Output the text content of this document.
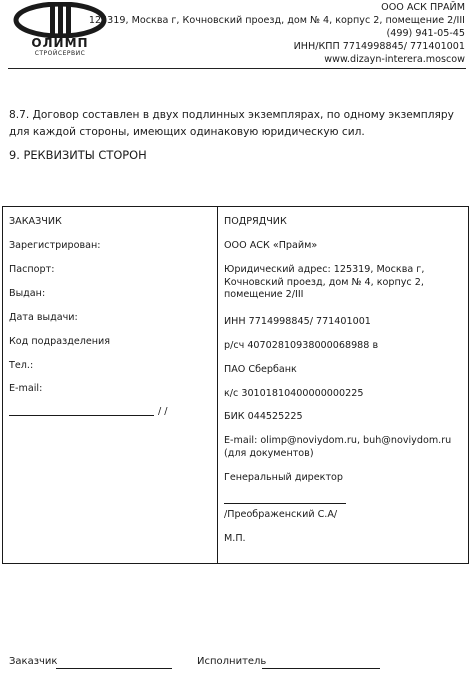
ОЛИМП
СТРОЙСЕРВИС
ООО АСК ПРАЙМ
125319, Москва г, Кочновский проезд, дом № 4, корпус 2, помещение 2/III
(499) 941-05-45
ИНН/КПП 7714998845/ 771401001
www.dizayn-interera.moscow
8.7. Договор составлен в двух подлинных экземплярах, по одному экземпляру для каждой стороны, имеющих одинаковую юридическую сил.
9. РЕКВИЗИТЫ СТОРОН
ЗАКАЗЧИК
Зарегистрирован:
Паспорт:
Выдан:
Дата выдачи:
Код подразделения
Тел.:
E-mail:
/ /
ПОДРЯДЧИК
ООО АСК «Прайм»
Юридический адрес: 125319, Москва г, Кочновский проезд, дом № 4, корпус 2, помещение 2/III
ИНН 7714998845/ 771401001
р/сч 40702810938000068988 в
ПАО Сбербанк
к/с 30101810400000000225
БИК 044525225
E-mail: olimp@noviydom.ru, buh@noviydom.ru
(для документов)
Генеральный директор
/Преображенский С.А/
М.П.
Заказчик	Исполнитель
